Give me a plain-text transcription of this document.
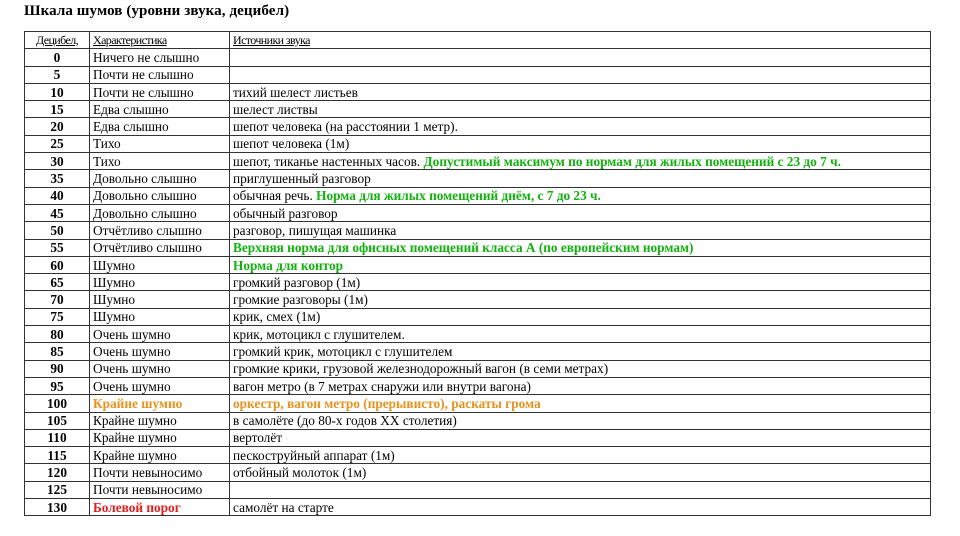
Шкала шумов (уровни звука, децибел)
Децибел,	Характеристика	Источники звука
0	Ничего не слышно	
5	Почти не слышно	
10	Почти не слышно	тихий шелест листьев
15	Едва слышно	шелест листвы
20	Едва слышно	шепот человека (на расстоянии 1 метр).
25	Тихо	шепот человека (1м)
30	Тихо	шепот, тиканье настенных часов. Допустимый максимум по нормам для жилых помещений с 23 до 7 ч.
35	Довольно слышно	приглушенный разговор
40	Довольно слышно	обычная речь. Норма для жилых помещений днём, с 7 до 23 ч.
45	Довольно слышно	обычный разговор
50	Отчётливо слышно	разговор, пишущая машинка
55	Отчётливо слышно	Верхняя норма для офисных помещений класса А (по европейским нормам)
60	Шумно	Норма для контор
65	Шумно	громкий разговор (1м)
70	Шумно	громкие разговоры (1м)
75	Шумно	крик, смех (1м)
80	Очень шумно	крик, мотоцикл с глушителем.
85	Очень шумно	громкий крик, мотоцикл с глушителем
90	Очень шумно	громкие крики, грузовой железнодорожный вагон (в семи метрах)
95	Очень шумно	вагон метро (в 7 метрах снаружи или внутри вагона)
100	Крайне шумно	оркестр, вагон метро (прерывисто), раскаты грома
105	Крайне шумно	в самолёте (до 80-х годов XX столетия)
110	Крайне шумно	вертолёт
115	Крайне шумно	пескоструйный аппарат (1м)
120	Почти невыносимо	отбойный молоток (1м)
125	Почти невыносимо	
130	Болевой порог	самолёт на старте
